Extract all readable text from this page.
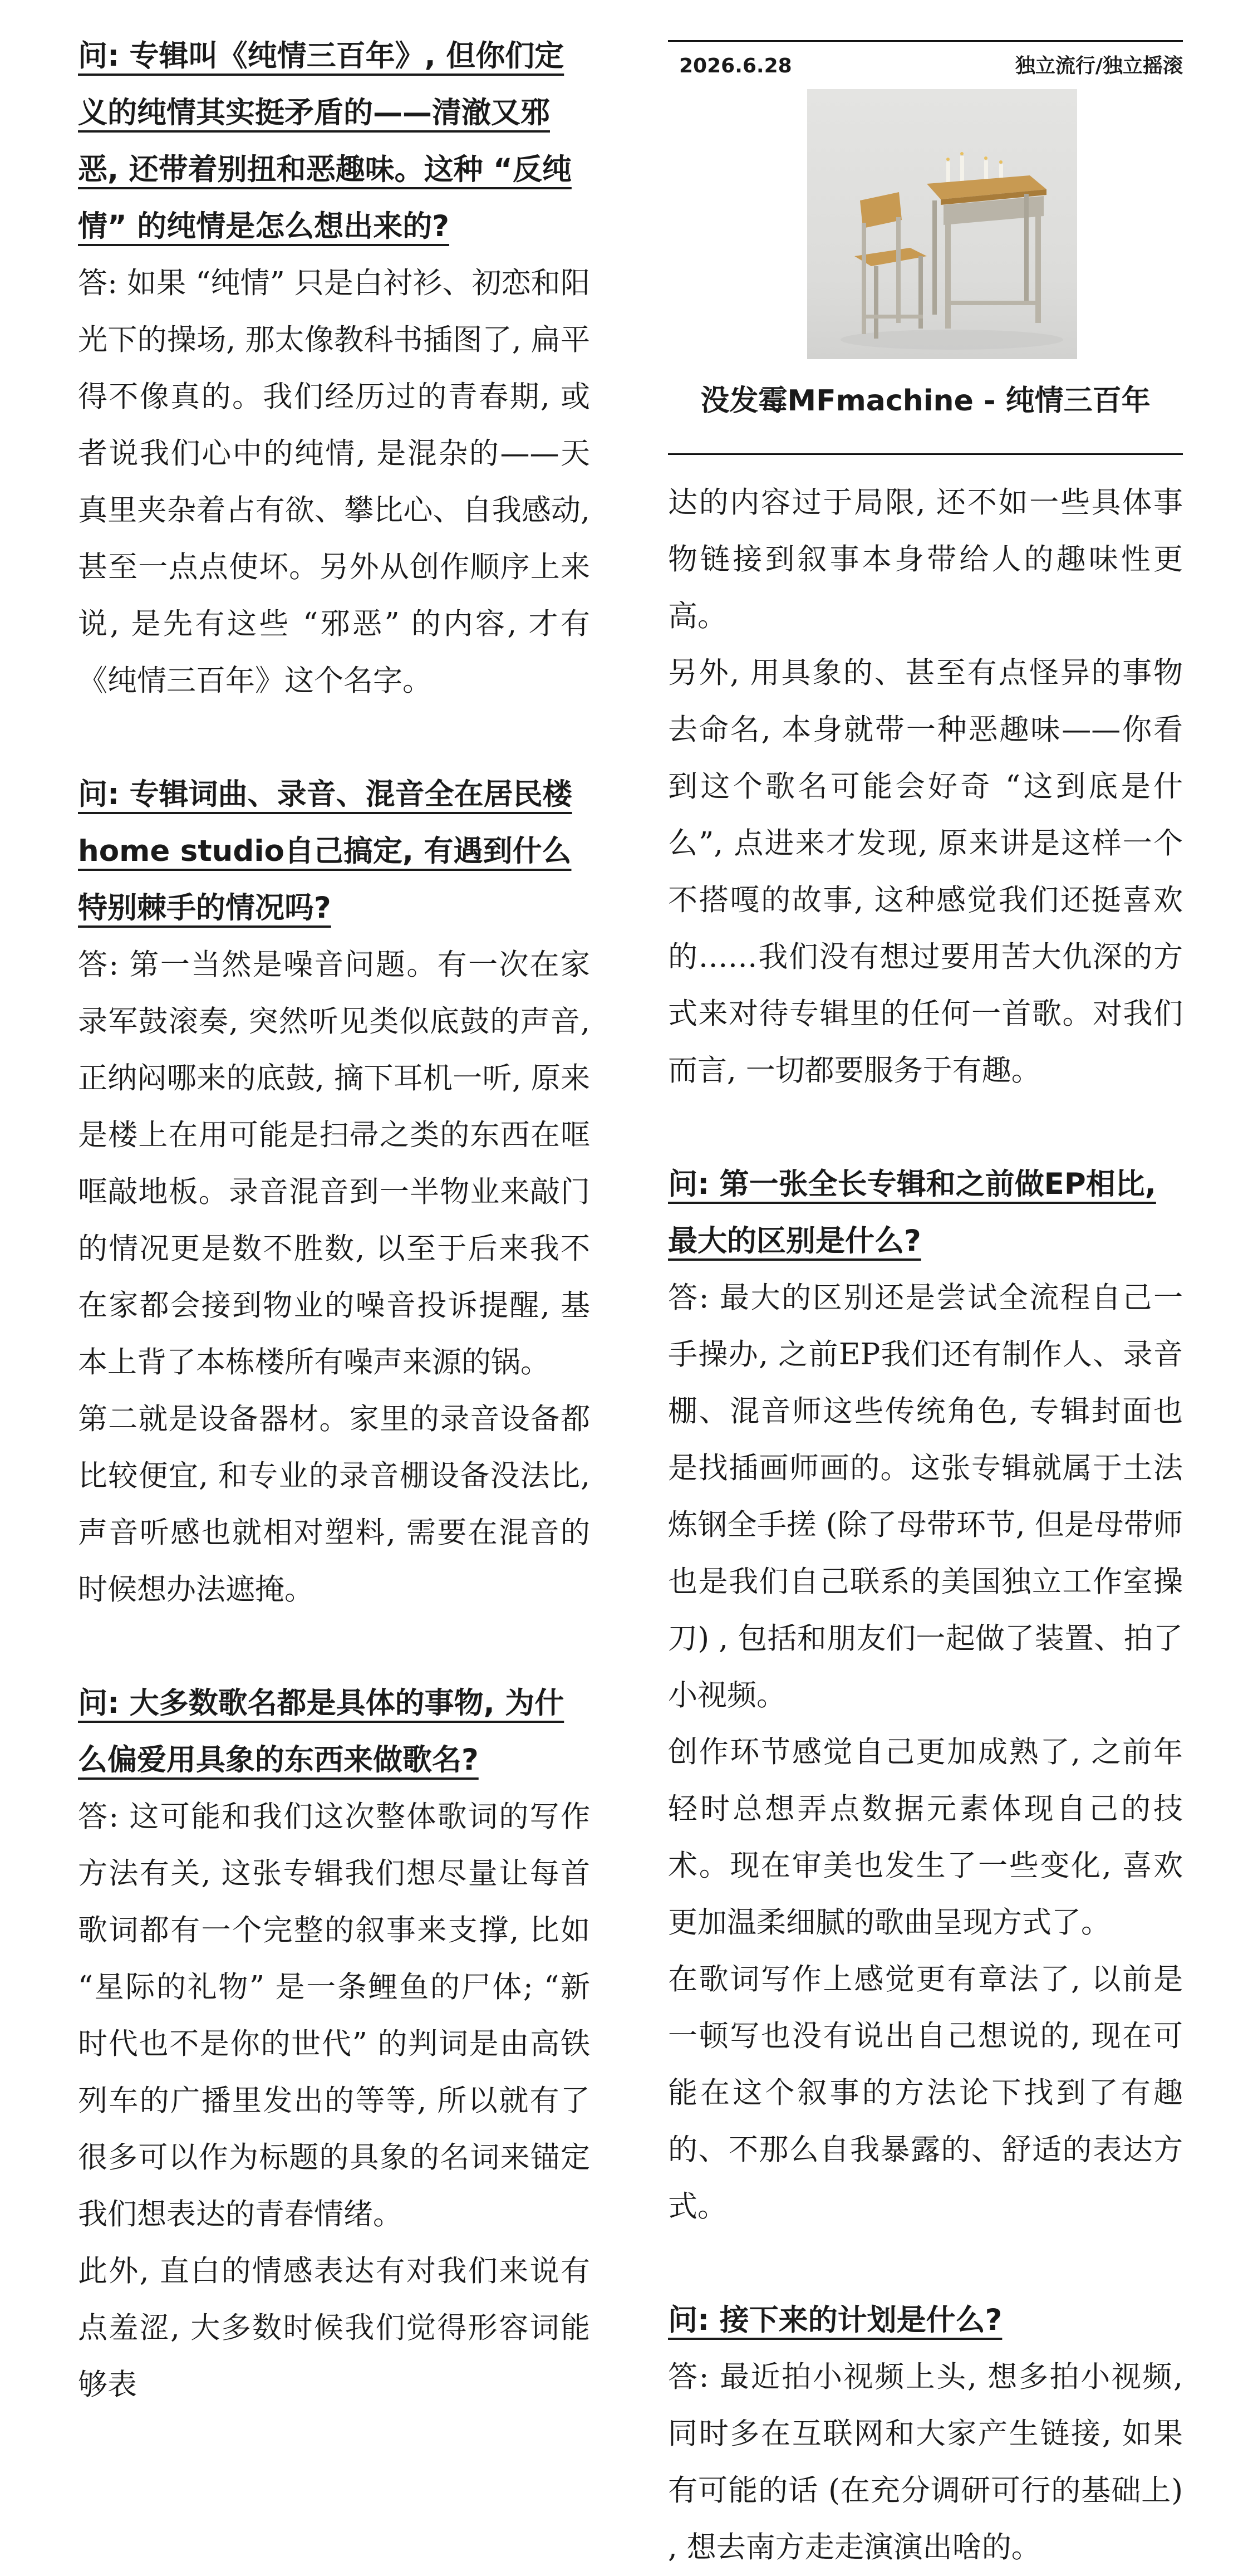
问: 专辑叫《纯情三百年》, 但你们定义的纯情其实挺矛盾的——清澈又邪恶, 还带着别扭和恶趣味。这种 “反纯情” 的纯情是怎么想出来的?

答: 如果 “纯情” 只是白衬衫、初恋和阳光下的操场, 那太像教科书插图了, 扁平得不像真的。我们经历过的青春期, 或者说我们心中的纯情, 是混杂的——天真里夹杂着占有欲、攀比心、自我感动, 甚至一点点使坏。另外从创作顺序上来说, 是先有这些 “邪恶” 的内容, 才有《纯情三百年》这个名字。

问: 专辑词曲、录音、混音全在居民楼home studio自己搞定, 有遇到什么特别棘手的情况吗?

答: 第一当然是噪音问题。有一次在家录军鼓滚奏, 突然听见类似底鼓的声音, 正纳闷哪来的底鼓, 摘下耳机一听, 原来是楼上在用可能是扫帚之类的东西在哐哐敲地板。录音混音到一半物业来敲门的情况更是数不胜数, 以至于后来我不在家都会接到物业的噪音投诉提醒, 基本上背了本栋楼所有噪声来源的锅。

第二就是设备器材。家里的录音设备都比较便宜, 和专业的录音棚设备没法比, 声音听感也就相对塑料, 需要在混音的时候想办法遮掩。

问: 大多数歌名都是具体的事物, 为什么偏爱用具象的东西来做歌名?

答: 这可能和我们这次整体歌词的写作方法有关, 这张专辑我们想尽量让每首歌词都有一个完整的叙事来支撑, 比如 “星际的礼物” 是一条鲤鱼的尸体; “新时代也不是你的世代” 的判词是由高铁列车的广播里发出的等等, 所以就有了很多可以作为标题的具象的名词来锚定我们想表达的青春情绪。

此外, 直白的情感表达有对我们来说有点羞涩, 大多数时候我们觉得形容词能够表

2026.6.28	独立流行/独立摇滚
没发霉MFmachine - 纯情三百年

达的内容过于局限, 还不如一些具体事物链接到叙事本身带给人的趣味性更高。

另外, 用具象的、甚至有点怪异的事物去命名, 本身就带一种恶趣味——你看到这个歌名可能会好奇 “这到底是什么”, 点进来才发现, 原来讲是这样一个不搭嘎的故事, 这种感觉我们还挺喜欢的……我们没有想过要用苦大仇深的方式来对待专辑里的任何一首歌。对我们而言, 一切都要服务于有趣。

问: 第一张全长专辑和之前做EP相比, 最大的区别是什么?

答: 最大的区别还是尝试全流程自己一手操办, 之前EP我们还有制作人、录音棚、混音师这些传统角色, 专辑封面也是找插画师画的。这张专辑就属于土法炼钢全手搓 (除了母带环节, 但是母带师也是我们自己联系的美国独立工作室操刀) , 包括和朋友们一起做了装置、拍了小视频。

创作环节感觉自己更加成熟了, 之前年轻时总想弄点数据元素体现自己的技术。现在审美也发生了一些变化, 喜欢更加温柔细腻的歌曲呈现方式了。

在歌词写作上感觉更有章法了, 以前是一顿写也没有说出自己想说的, 现在可能在这个叙事的方法论下找到了有趣的、不那么自我暴露的、舒适的表达方式。

问: 接下来的计划是什么?

答: 最近拍小视频上头, 想多拍小视频, 同时多在互联网和大家产生链接, 如果有可能的话 (在充分调研可行的基础上) , 想去南方走走演演出啥的。
